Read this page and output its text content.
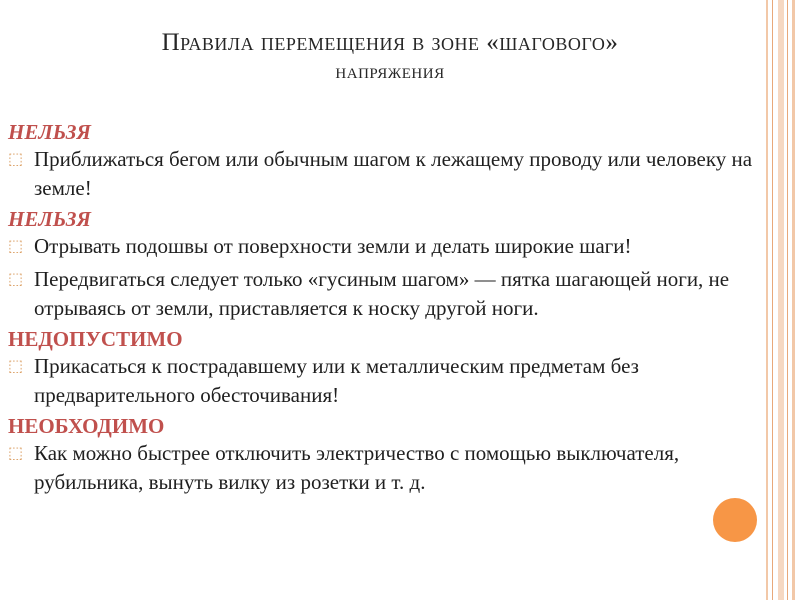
Правила перемещения в зоне «шагового»
напряжения
НЕЛЬЗЯ
⬚ Приближаться бегом или обычным шагом к лежащему проводу или человеку на земле!
НЕЛЬЗЯ
⬚ Отрывать подошвы от поверхности земли и делать широкие шаги!
⬚ Передвигаться следует только «гусиным шагом» — пятка шагающей ноги, не отрываясь от земли, приставляется к носку другой ноги.
НЕДОПУСТИМО
⬚ Прикасаться к пострадавшему или к металлическим предметам без предварительного обесточивания!
НЕОБХОДИМО
⬚ Как можно быстрее отключить электричество с помощью выключателя, рубильника, вынуть вилку из розетки и т. д.
